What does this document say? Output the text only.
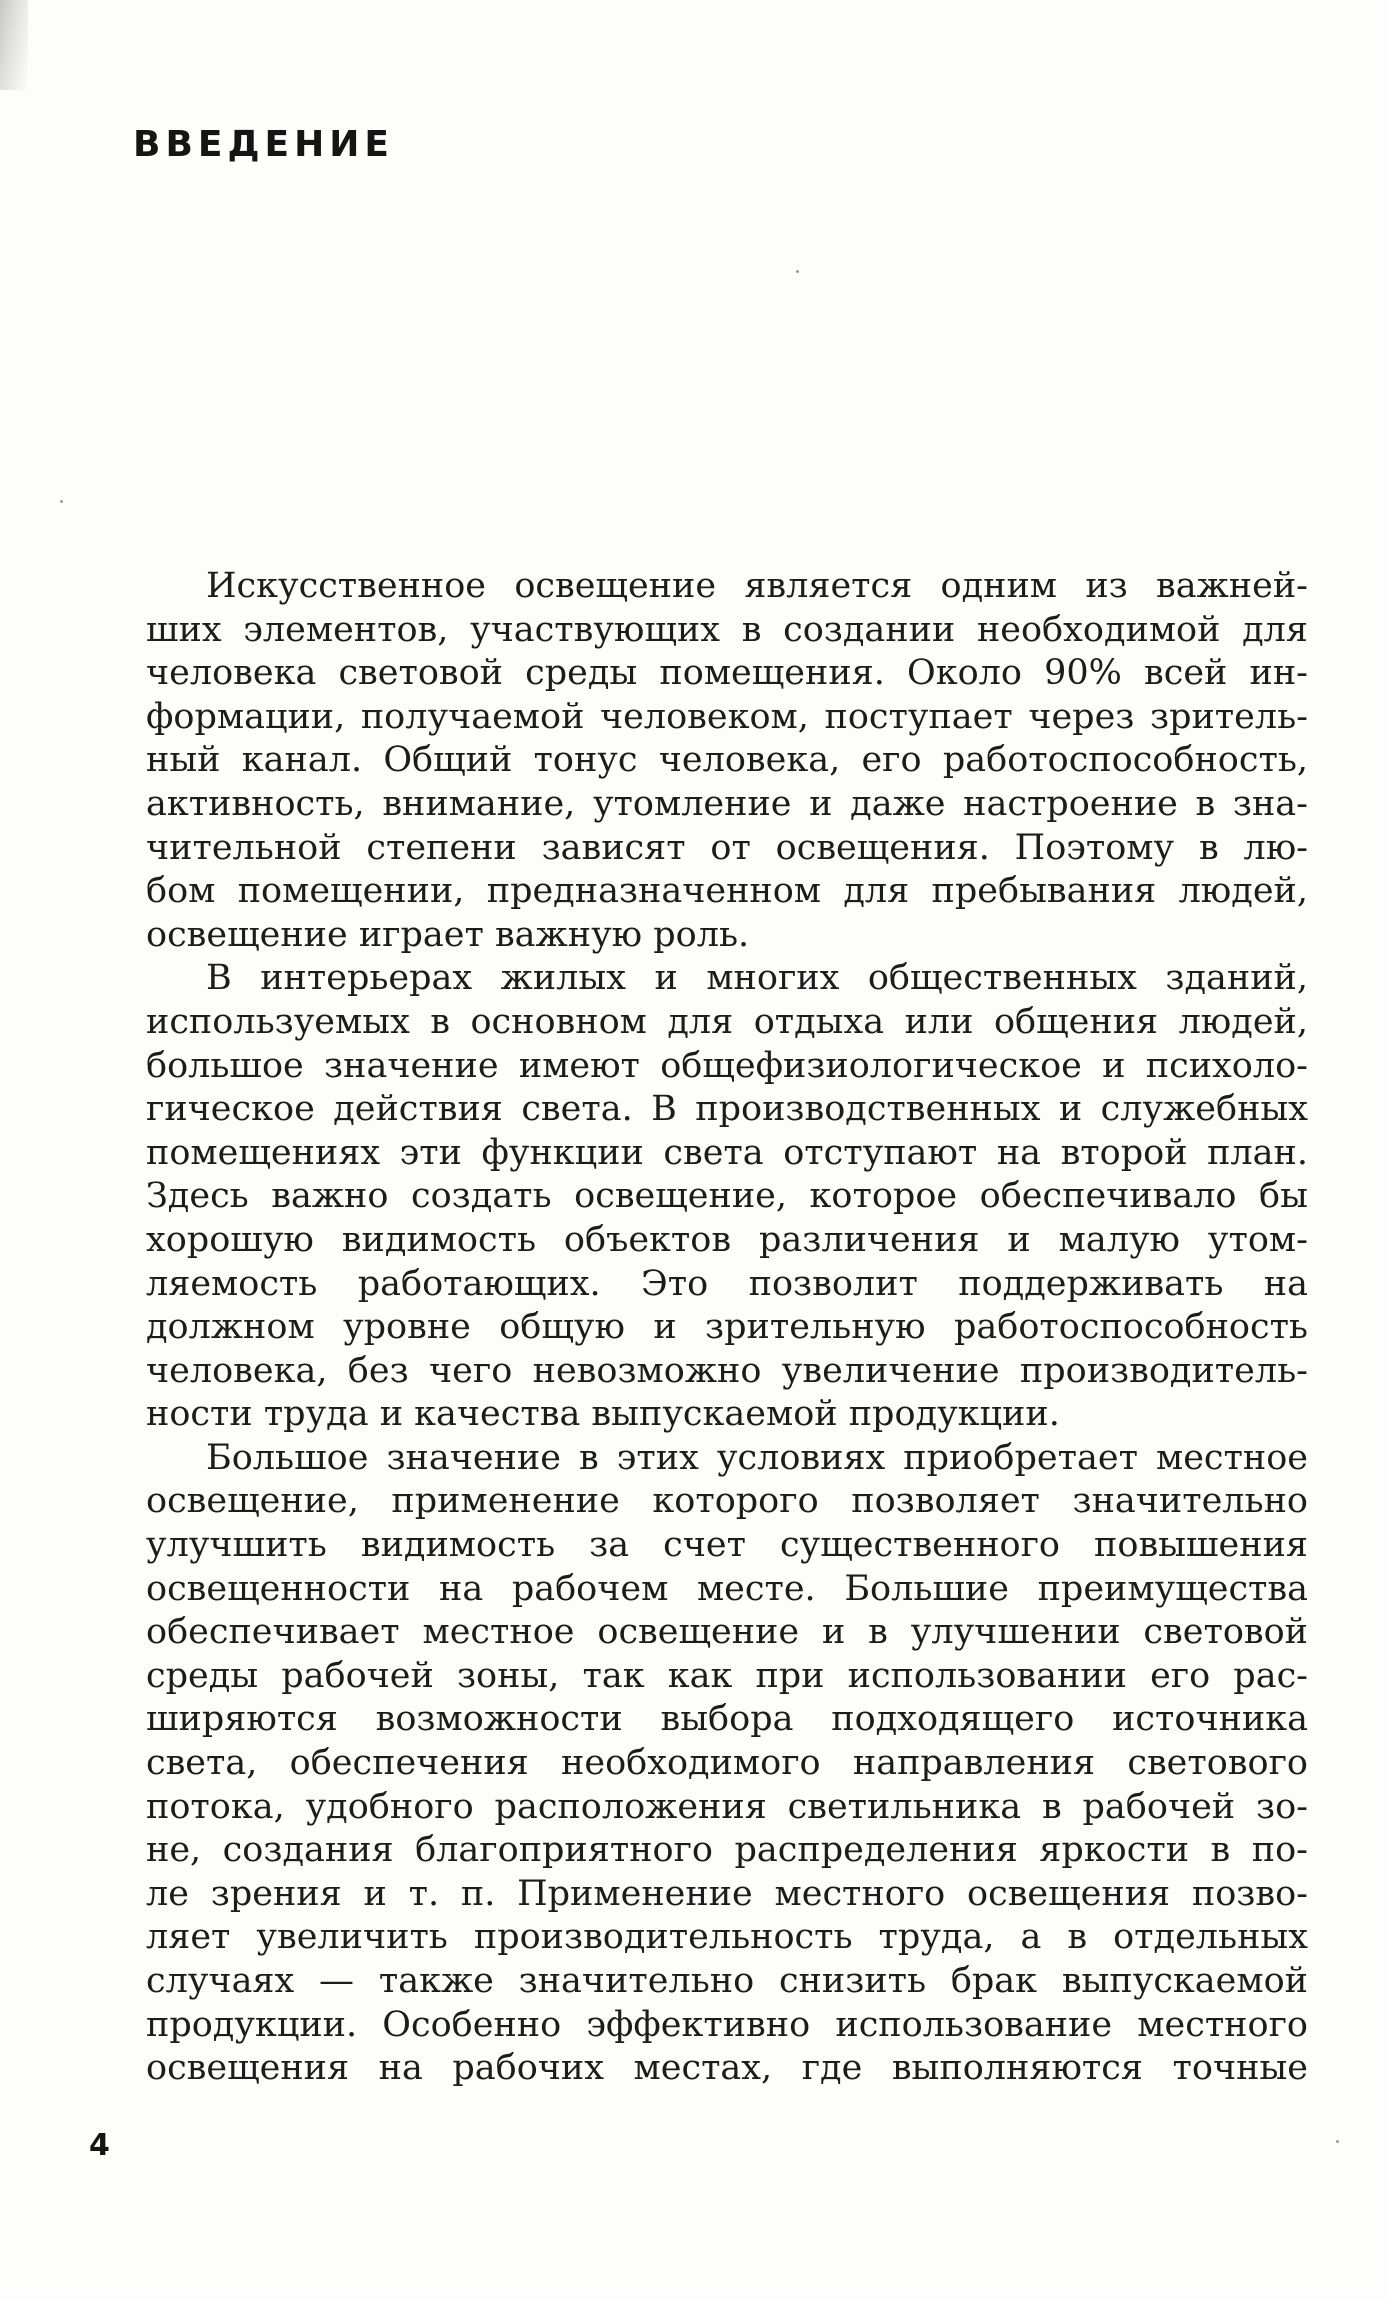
ВВЕДЕНИЕ
Искусственное освещение является одним из важней-
ших элементов, участвующих в создании необходимой для
человека световой среды помещения. Около 90% всей ин-
формации, получаемой человеком, поступает через зритель-
ный канал. Общий тонус человека, его работоспособность,
активность, внимание, утомление и даже настроение в зна-
чительной степени зависят от освещения. Поэтому в лю-
бом помещении, предназначенном для пребывания людей,
освещение играет важную роль.
В интерьерах жилых и многих общественных зданий,
используемых в основном для отдыха или общения людей,
большое значение имеют общефизиологическое и психоло-
гическое действия света. В производственных и служебных
помещениях эти функции света отступают на второй план.
Здесь важно создать освещение, которое обеспечивало бы
хорошую видимость объектов различения и малую утом-
ляемость работающих. Это позволит поддерживать на
должном уровне общую и зрительную работоспособность
человека, без чего невозможно увеличение производитель-
ности труда и качества выпускаемой продукции.
Большое значение в этих условиях приобретает местное
освещение, применение которого позволяет значительно
улучшить видимость за счет существенного повышения
освещенности на рабочем месте. Большие преимущества
обеспечивает местное освещение и в улучшении световой
среды рабочей зоны, так как при использовании его рас-
ширяются возможности выбора подходящего источника
света, обеспечения необходимого направления светового
потока, удобного расположения светильника в рабочей зо-
не, создания благоприятного распределения яркости в по-
ле зрения и т. п. Применение местного освещения позво-
ляет увеличить производительность труда, а в отдельных
случаях — также значительно снизить брак выпускаемой
продукции. Особенно эффективно использование местного
освещения на рабочих местах, где выполняются точные
4
